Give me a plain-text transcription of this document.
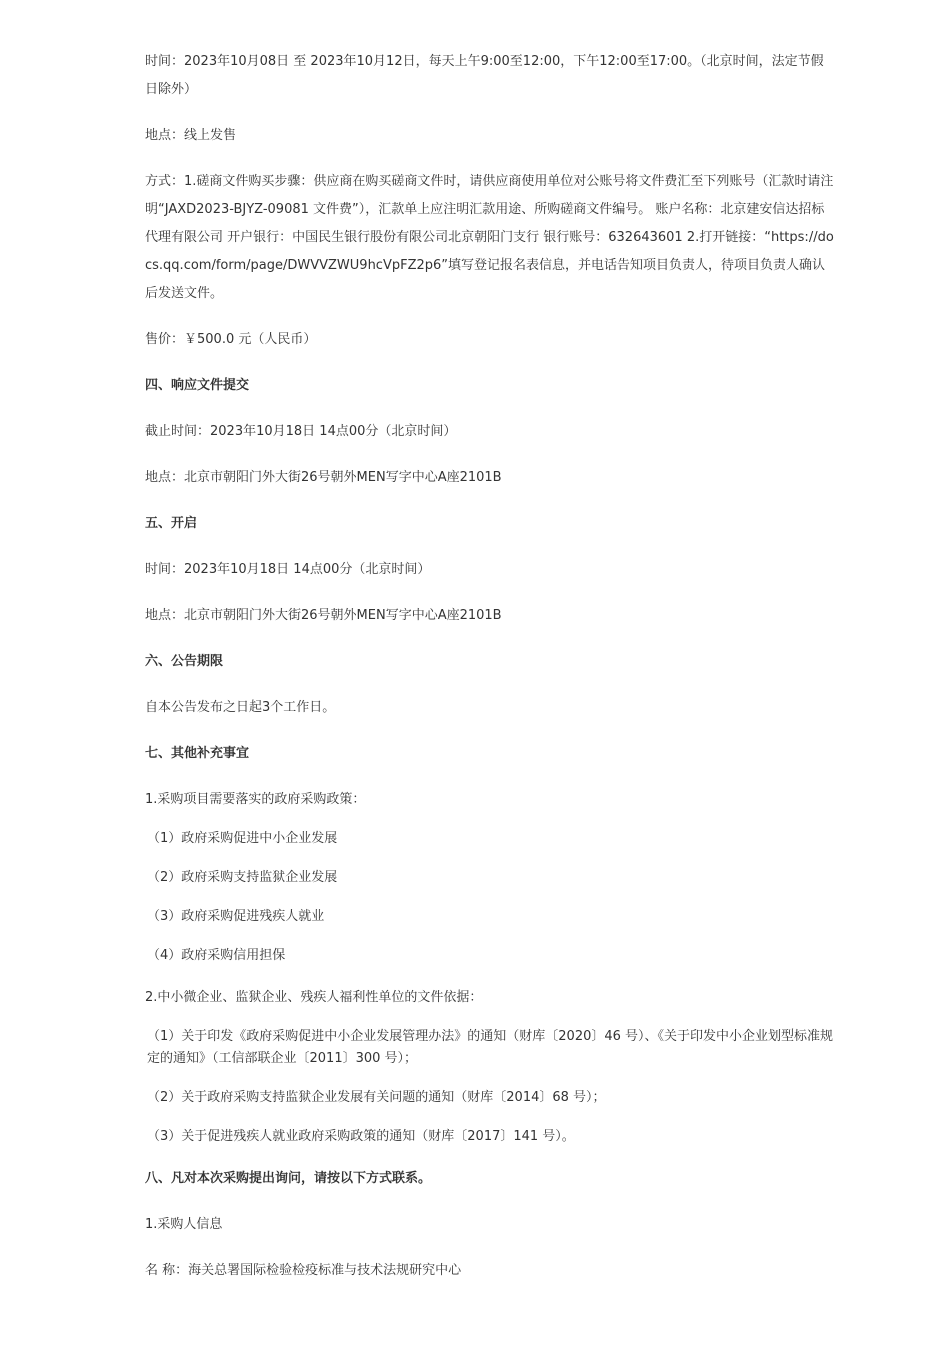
时间：2023年10月08日 至 2023年10月12日，每天上午9:00至12:00，下午12:00至17:00。（北京时间，法定节假日除外）

地点：线上发售

方式：1.磋商文件购买步骤：供应商在购买磋商文件时，请供应商使用单位对公账号将文件费汇至下列账号（汇款时请注明“JAXD2023-BJYZ-09081 文件费”），汇款单上应注明汇款用途、所购磋商文件编号。 账户名称：北京建安信达招标代理有限公司 开户银行：中国民生银行股份有限公司北京朝阳门支行 银行账号：632643601 2.打开链接：“https://docs.qq.com/form/page/DWVVZWU9hcVpFZ2p6”填写登记报名表信息，并电话告知项目负责人，待项目负责人确认后发送文件。

售价：￥500.0 元（人民币）

四、响应文件提交

截止时间：2023年10月18日 14点00分（北京时间）

地点：北京市朝阳门外大街26号朝外MEN写字中心A座2101B

五、开启

时间：2023年10月18日 14点00分（北京时间）

地点：北京市朝阳门外大街26号朝外MEN写字中心A座2101B

六、公告期限

自本公告发布之日起3个工作日。

七、其他补充事宜

1.采购项目需要落实的政府采购政策：

（1）政府采购促进中小企业发展

（2）政府采购支持监狱企业发展

（3）政府采购促进残疾人就业

（4）政府采购信用担保

2.中小微企业、监狱企业、残疾人福利性单位的文件依据：

（1）关于印发《政府采购促进中小企业发展管理办法》的通知（财库〔2020〕46 号）、《关于印发中小企业划型标准规定的通知》（工信部联企业〔2011〕300 号）；

（2）关于政府采购支持监狱企业发展有关问题的通知（财库〔2014〕68 号）；

（3）关于促进残疾人就业政府采购政策的通知（财库〔2017〕141 号）。

八、凡对本次采购提出询问，请按以下方式联系。

1.采购人信息

名 称：海关总署国际检验检疫标准与技术法规研究中心
